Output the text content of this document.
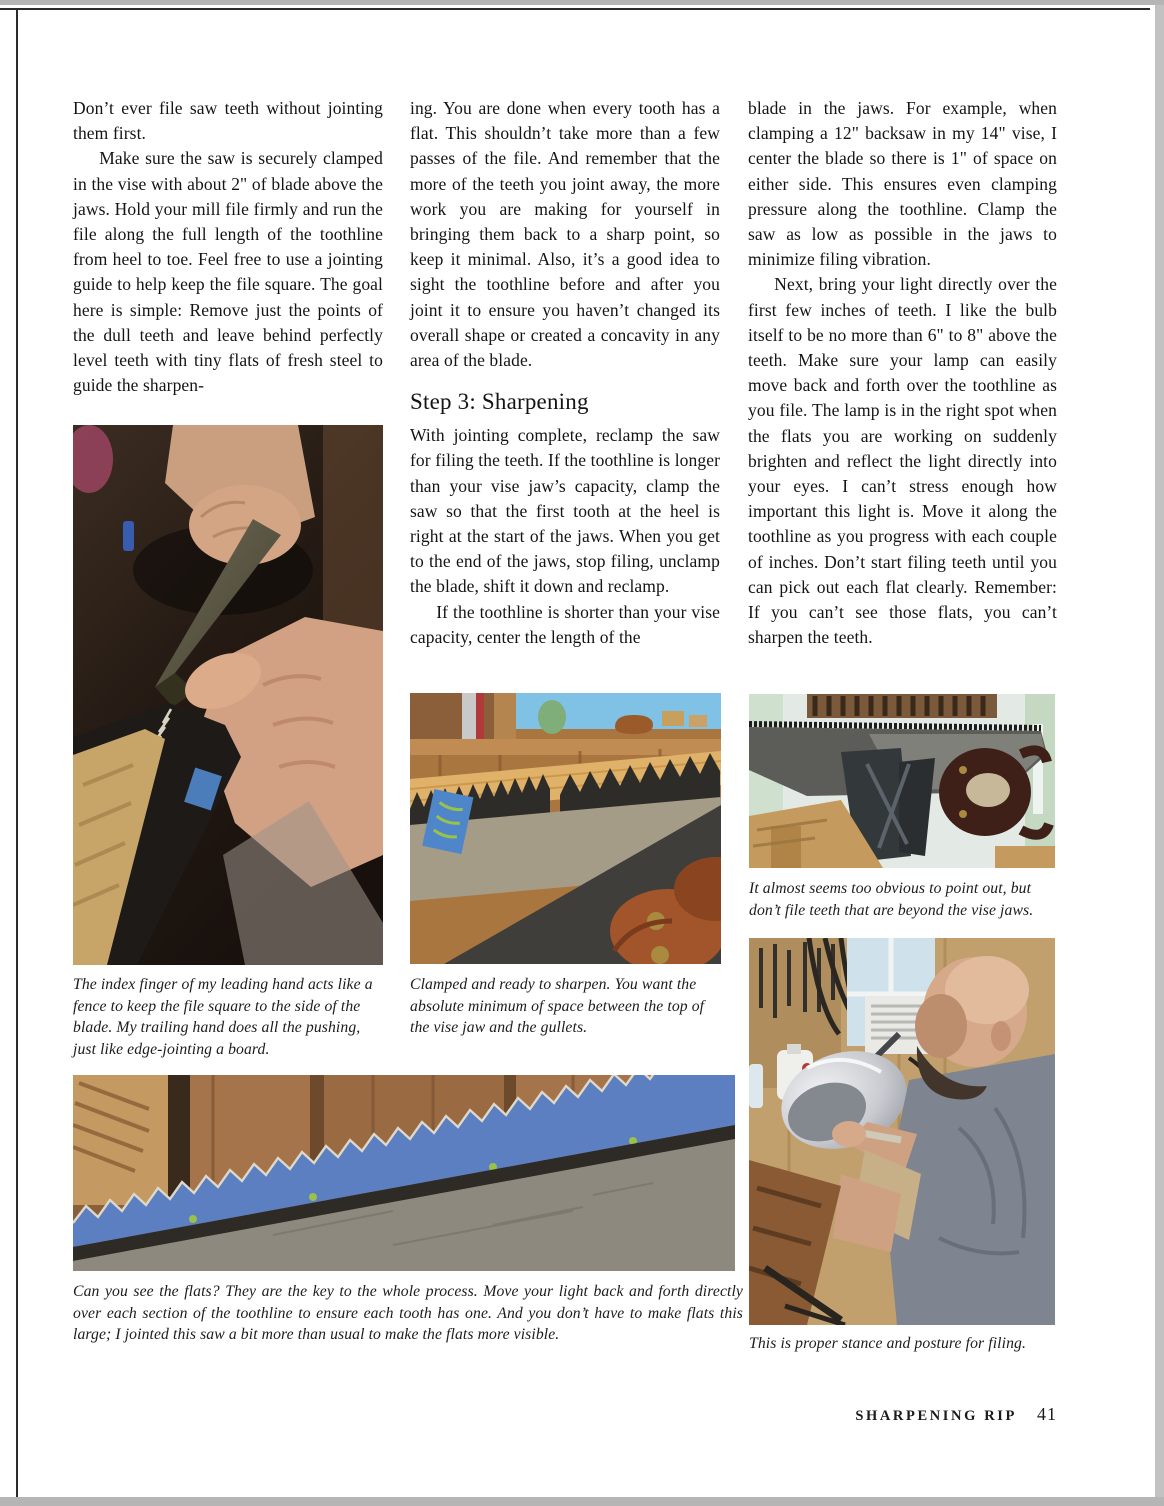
Don’t ever file saw teeth without jointing them first.

Make sure the saw is securely clamped in the vise with about 2" of blade above the jaws. Hold your mill file firmly and run the file along the full length of the toothline from heel to toe. Feel free to use a jointing guide to help keep the file square. The goal here is simple: Remove just the points of the dull teeth and leave behind perfectly level teeth with tiny flats of fresh steel to guide the sharpen-

ing. You are done when every tooth has a flat. This shouldn’t take more than a few passes of the file. And remember that the more of the teeth you joint away, the more work you are making for yourself in bringing them back to a sharp point, so keep it minimal. Also, it’s a good idea to sight the toothline before and after you joint it to ensure you haven’t changed its overall shape or created a concavity in any area of the blade.

Step 3: Sharpening

With jointing complete, reclamp the saw for filing the teeth. If the toothline is longer than your vise jaw’s capacity, clamp the saw so that the first tooth at the heel is right at the start of the jaws. When you get to the end of the jaws, stop filing, unclamp the blade, shift it down and reclamp.

If the toothline is shorter than your vise capacity, center the length of the

blade in the jaws. For example, when clamping a 12" backsaw in my 14" vise, I center the blade so there is 1" of space on either side. This ensures even clamping pressure along the toothline. Clamp the saw as low as possible in the jaws to minimize filing vibration.

Next, bring your light directly over the first few inches of teeth. I like the bulb itself to be no more than 6" to 8" above the teeth. Make sure your lamp can easily move back and forth over the toothline as you file. The lamp is in the right spot when the flats you are working on suddenly brighten and reflect the light directly into your eyes. I can’t stress enough how important this light is. Move it along the toothline as you progress with each couple of inches. Don’t start filing teeth until you can pick out each flat clearly. Remember: If you can’t see those flats, you can’t sharpen the teeth.

The index finger of my leading hand acts like a fence to keep the file square to the side of the blade. My trailing hand does all the pushing, just like edge-jointing a board.
Clamped and ready to sharpen. You want the absolute minimum of space between the top of the vise jaw and the gullets.
It almost seems too obvious to point out, but don’t file teeth that are beyond the vise jaws.
Can you see the flats? They are the key to the whole process. Move your light back and forth directly over each section of the toothline to ensure each tooth has one. And you don’t have to make flats this large; I jointed this saw a bit more than usual to make the flats more visible.
This is proper stance and posture for filing.
SHARPENING RIP 41
